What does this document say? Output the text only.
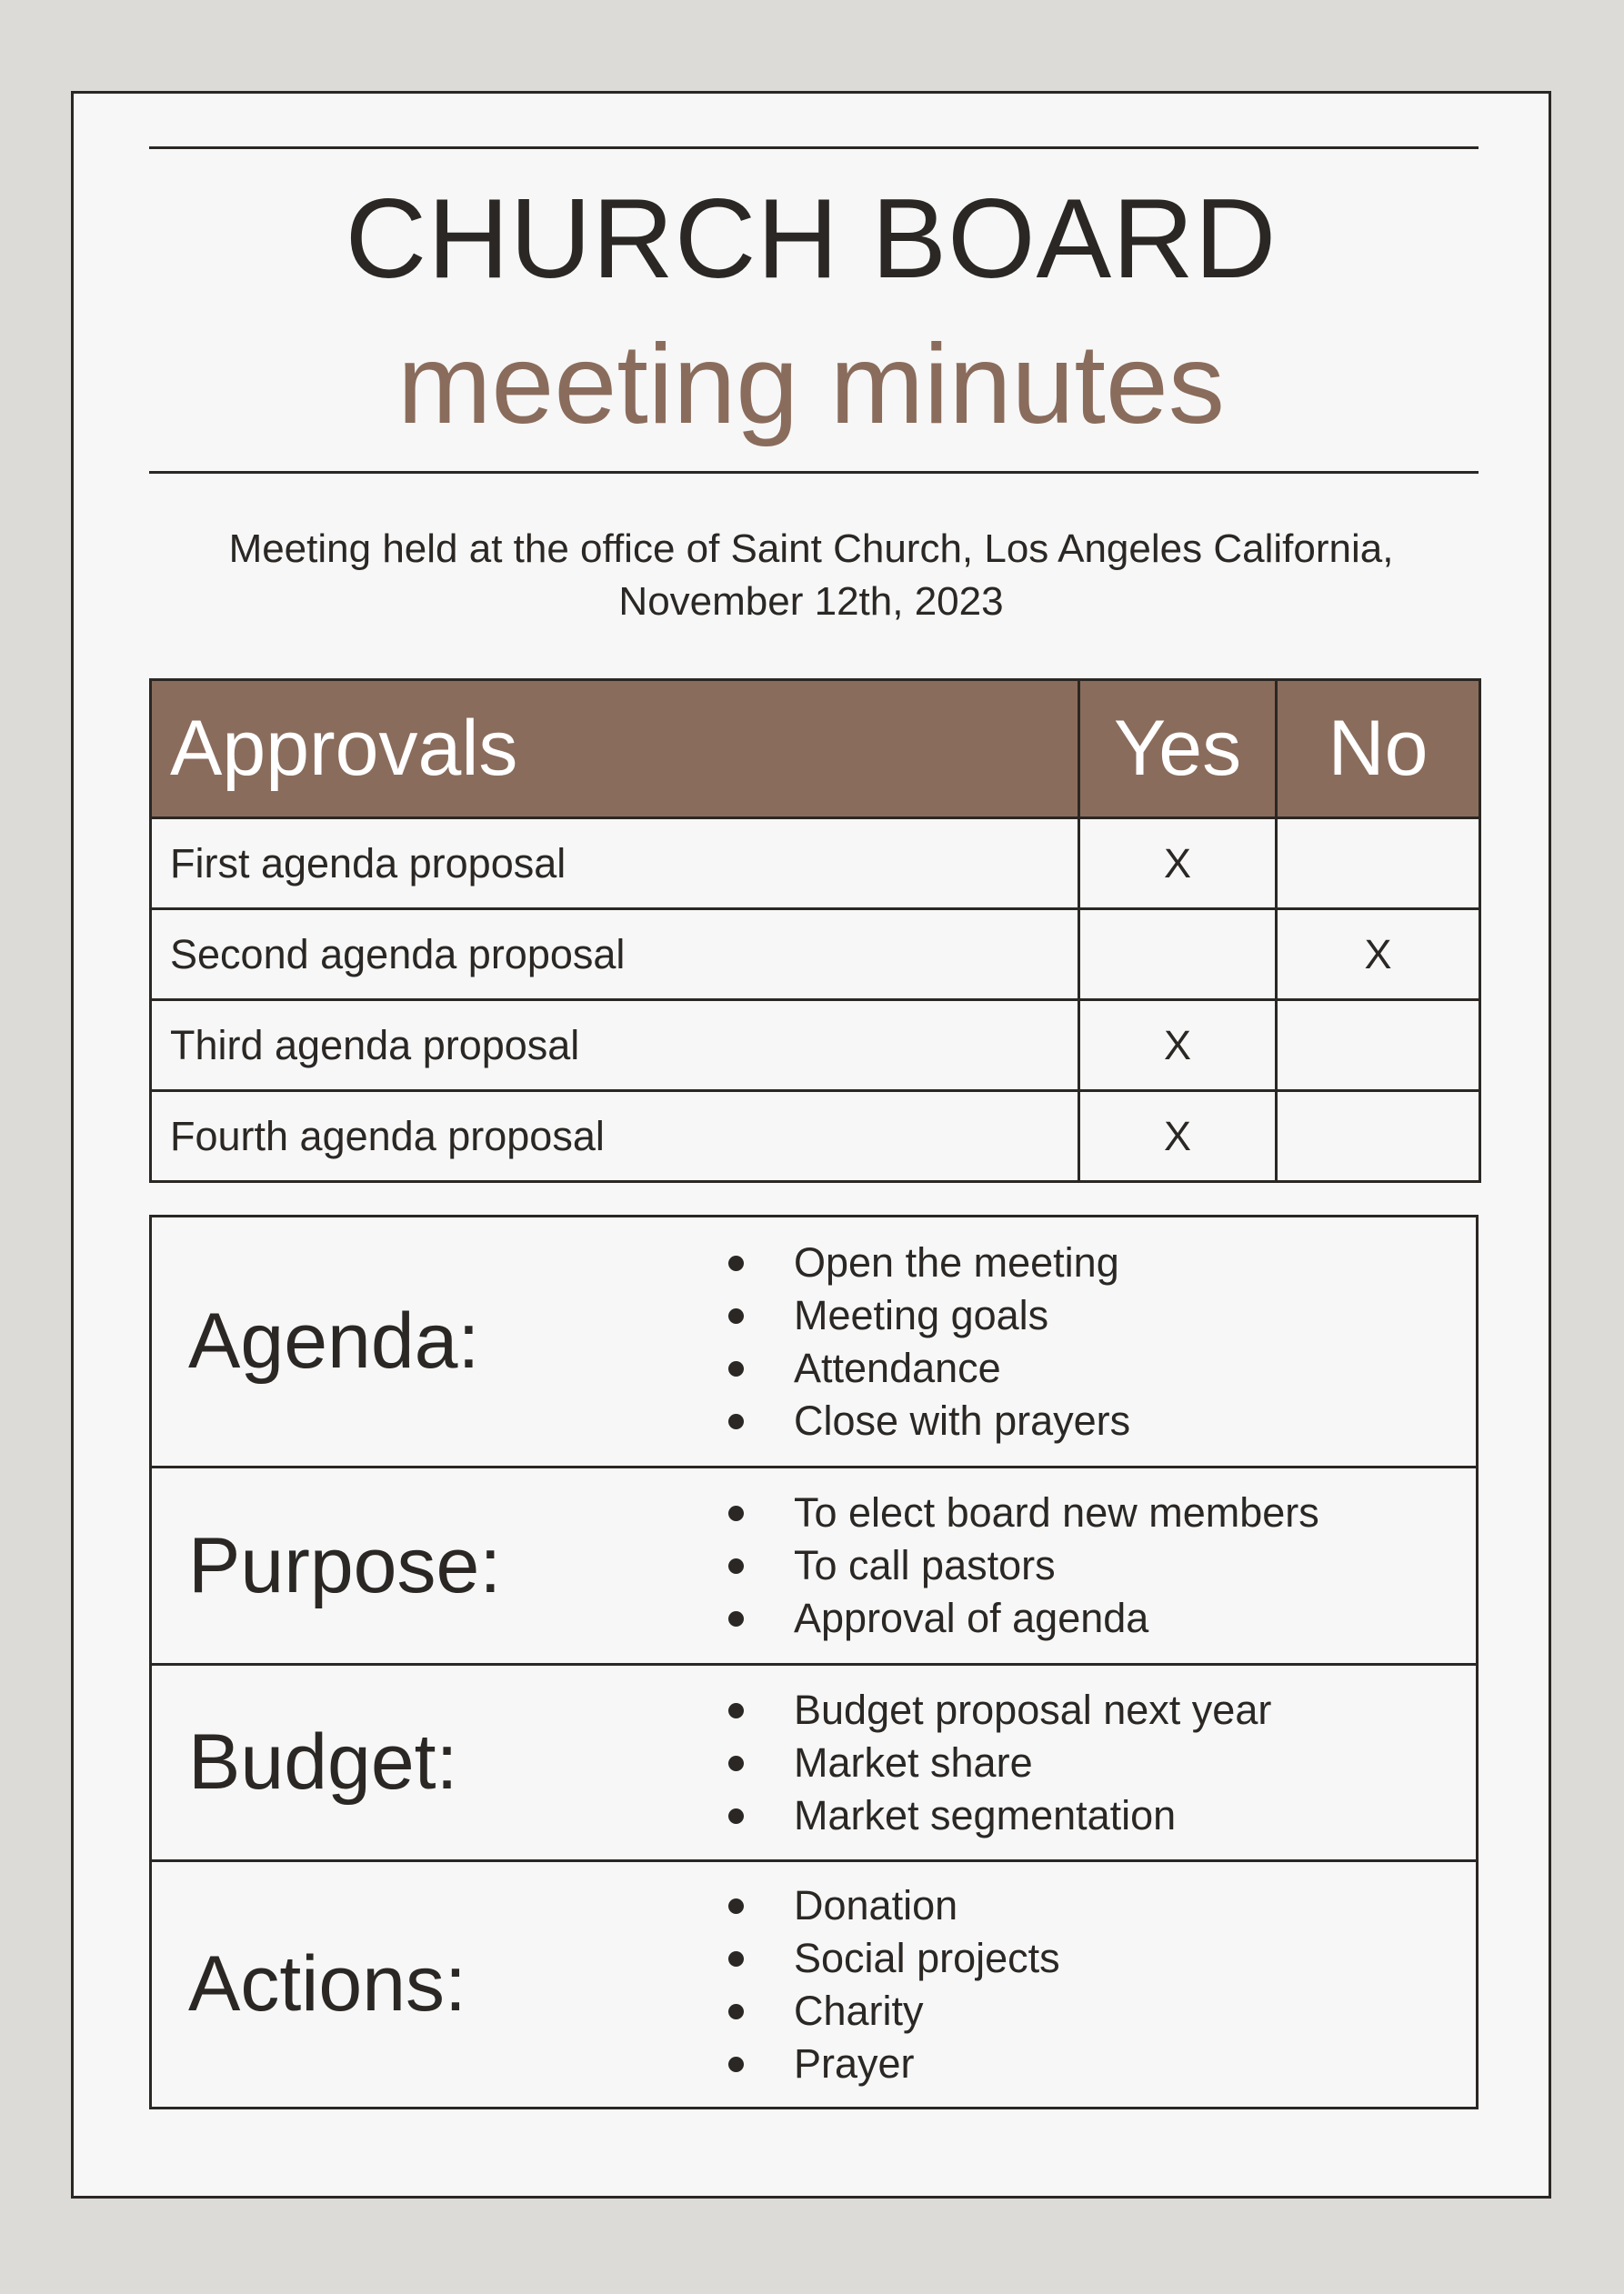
CHURCH BOARD
meeting minutes
Meeting held at the office of Saint Church, Los Angeles California,
November 12th, 2023
Approvals	Yes	No
First agenda proposal	X	
Second agenda proposal		X
Third agenda proposal	X	
Fourth agenda proposal	X	
Agenda:
Open the meeting
Meeting goals
Attendance
Close with prayers
Purpose:
To elect board new members
To call pastors
Approval of agenda
Budget:
Budget proposal next year
Market share
Market segmentation
Actions:
Donation
Social projects
Charity
Prayer
